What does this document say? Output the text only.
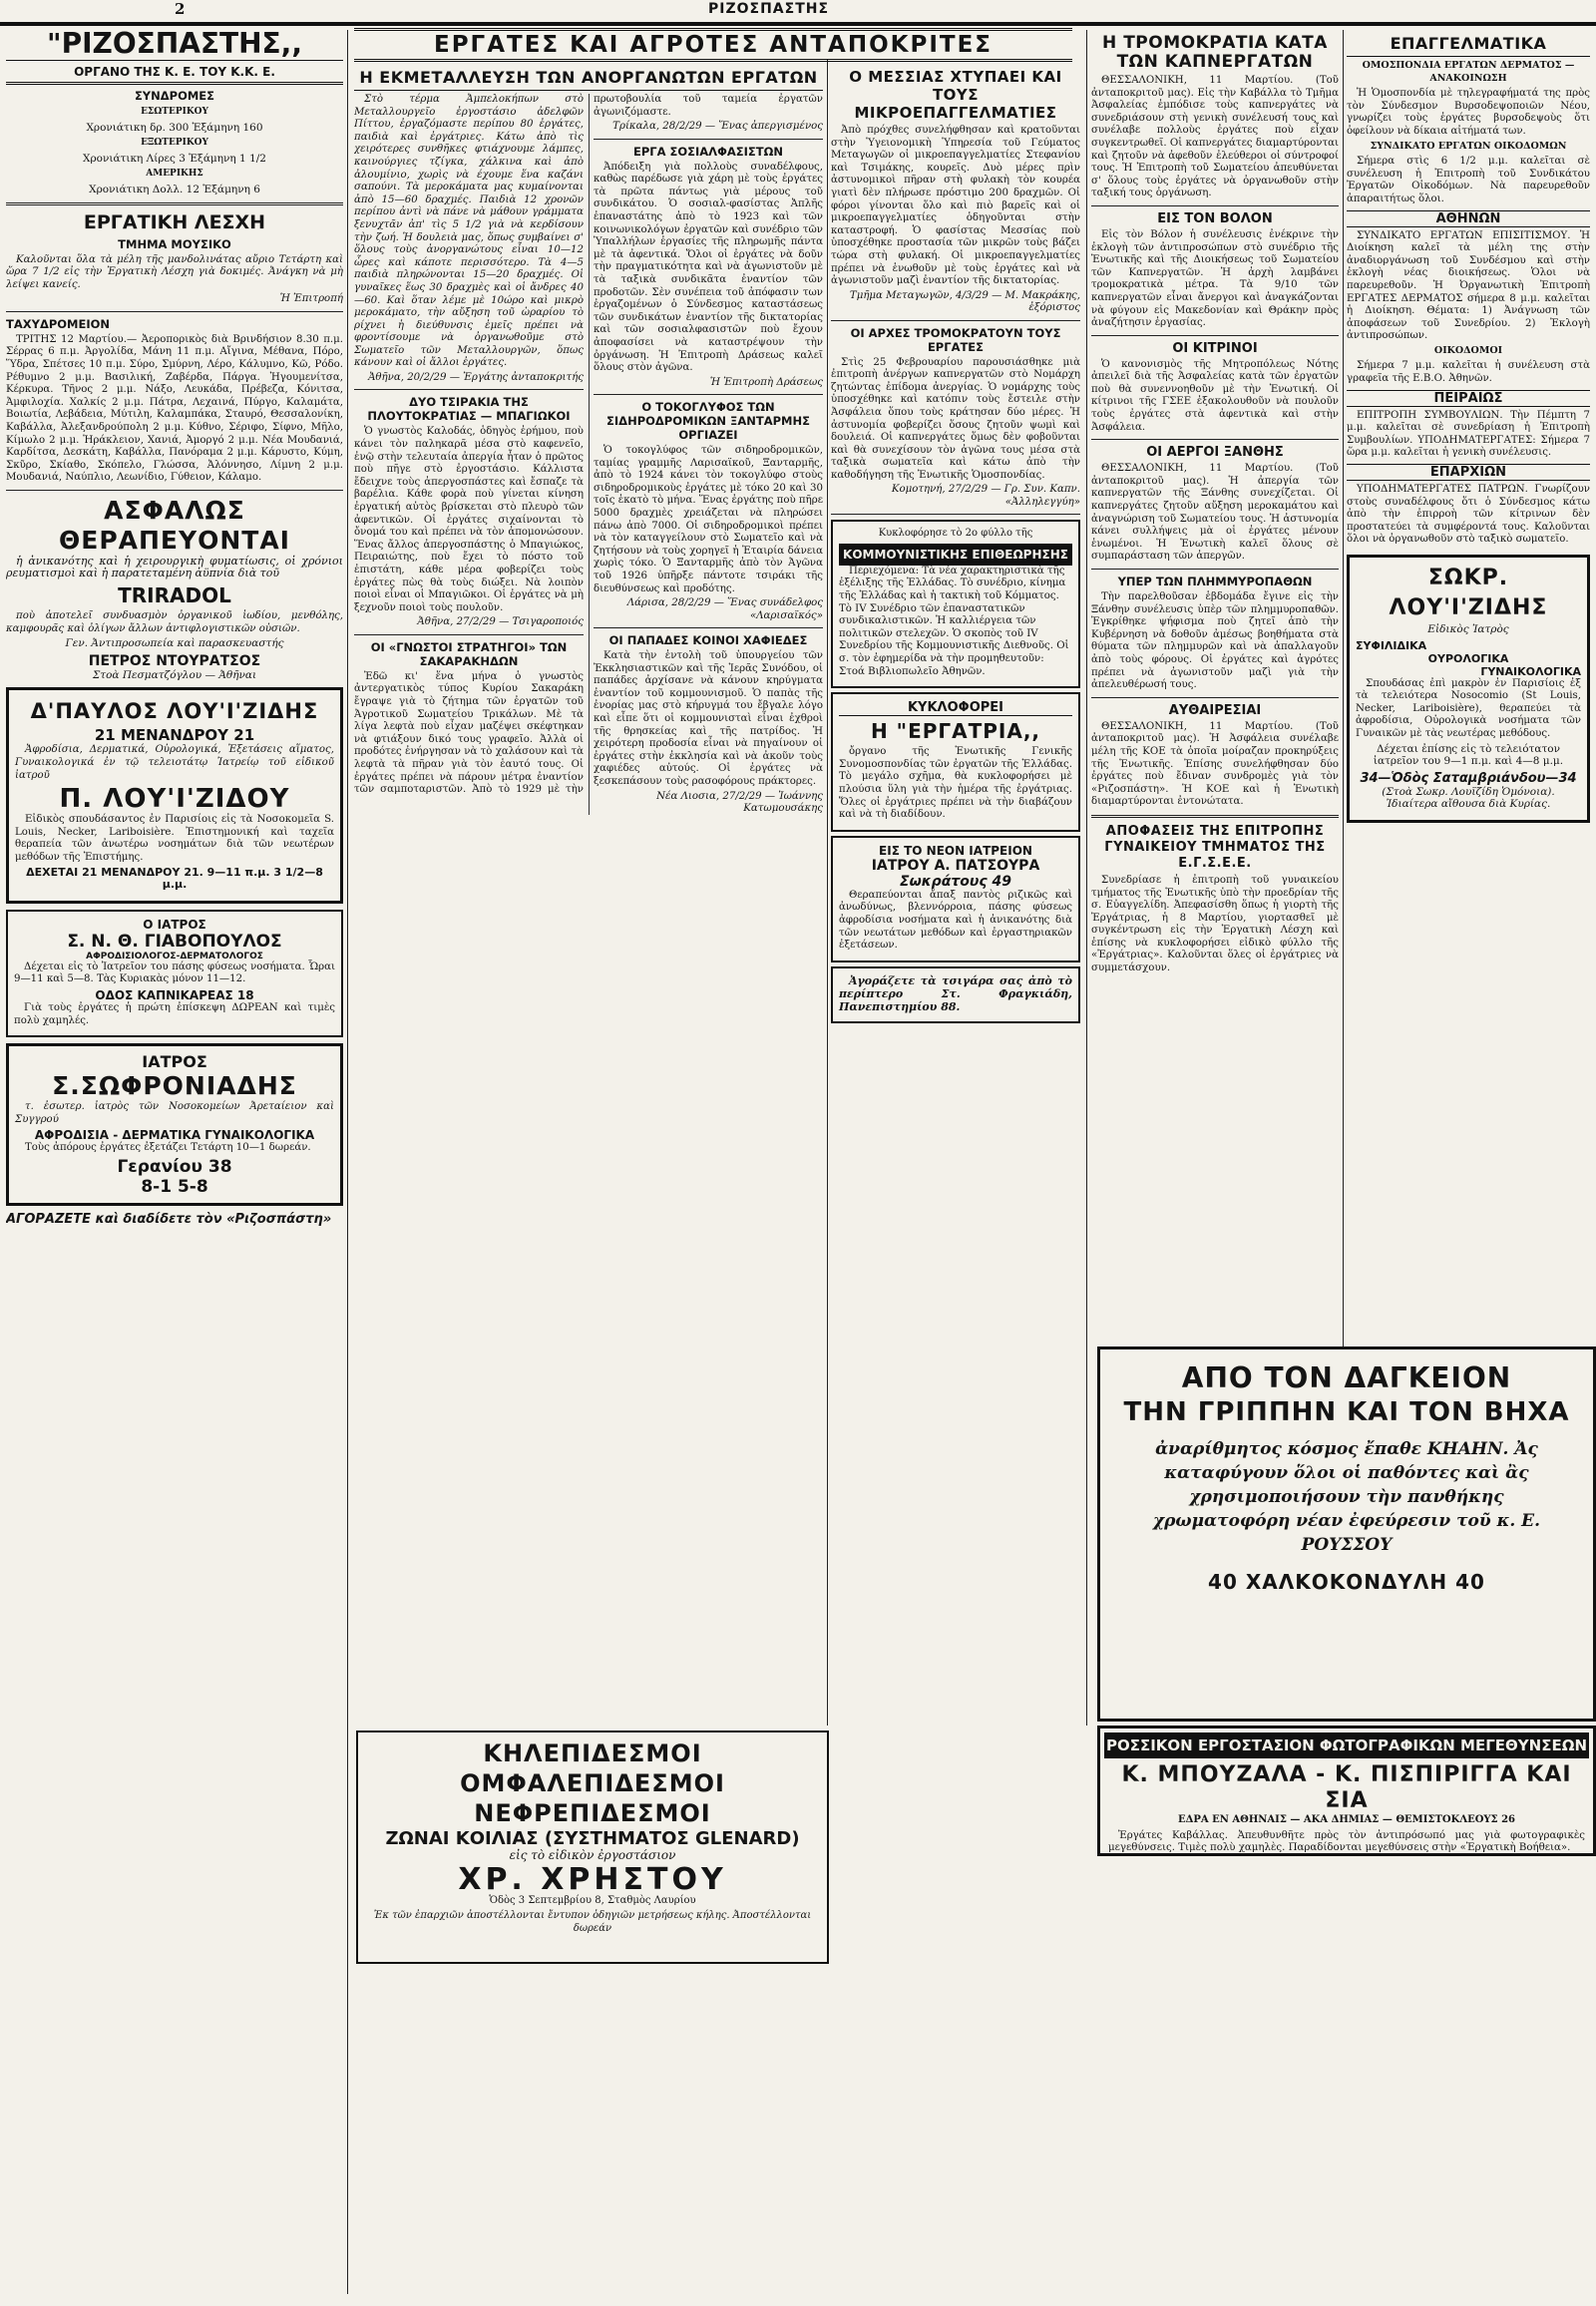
2	ΡΙΖΟΣΠΑΣΤΗΣ
ΕΡΓΑΤΕΣ ΚΑΙ ΑΓΡΟΤΕΣ ΑΝΤΑΠΟΚΡΙΤΕΣ
"ΡΙΖΟΣΠΑΣΤΗΣ,,
ΟΡΓΑΝΟ ΤΗΣ Κ. Ε. ΤΟΥ Κ.Κ. Ε.
ΣΥΝΔΡΟΜΕΣ

ΕΣΩΤΕΡΙΚΟΥ

Χρονιάτικη δρ. 300 Ἑξάμηνη 160

ΕΞΩΤΕΡΙΚΟΥ

Χρονιάτικη Λίρες 3 Ἑξάμηνη 1 1/2

ΑΜΕΡΙΚΗΣ

Χρονιάτικη Δολλ. 12 Ἑξάμηνη 6

ΕΡΓΑΤΙΚΗ ΛΕΣΧΗ
ΤΜΗΜΑ ΜΟΥΣΙΚΟ

Καλοῦνται ὅλα τὰ μέλη τῆς μανδολινάτας αὔριο Τετάρτη καὶ ὥρα 7 1/2 εἰς τὴν Ἐργατικὴ Λέσχη γιὰ δοκιμές. Ἀνάγκη νὰ μὴ λείψει κανείς.

Ἡ Ἐπιτροπή

ΤΑΧΥΔΡΟΜΕΙΟΝ

ΤΡΙΤΗΣ 12 Μαρτίου.— Ἀεροπορικὸς διὰ Βρινδήσιον 8.30 π.μ. Σέρρας 6 π.μ. Ἀργολίδα, Μάνη 11 π.μ. Αἴγινα, Μέθανα, Πόρο, Ὕδρα, Σπέτσες 10 π.μ. Σύρο, Σμύρνη, Λέρο, Κάλυμνο, Κῶ, Ρόδο. Ρέθυμνο 2 μ.μ. Βασιλική, Ζαβέρδα, Πάργα. Ἠγουμενίτσα, Κέρκυρα. Τῆνος 2 μ.μ. Νάξο, Λευκάδα, Πρέβεζα, Κόνιτσα, Ἀμφιλοχία. Χαλκίς 2 μ.μ. Πάτρα, Λεχαινά, Πύργο, Καλαμάτα, Βοιωτία, Λεβάδεια, Μύτιλη, Καλαμπάκα, Σταυρό, Θεσσαλονίκη, Καβάλλα, Ἀλεξανδρούπολη 2 μ.μ. Κύθνο, Σέριφο, Σίφνο, Μῆλο, Κίμωλο 2 μ.μ. Ἡράκλειον, Χανιά, Ἀμοργό 2 μ.μ. Νέα Μουδανιά, Καρδίτσα, Δεσκάτη, Καβάλλα, Πανόραμα 2 μ.μ. Κάρυστο, Κύμη, Σκῦρο, Σκίαθο, Σκόπελο, Γλώσσα, Ἀλόννησο, Λίμνη 2 μ.μ. Μουδανιά, Ναύπλιο, Λεωνίδιο, Γύθειον, Κάλαμο.

ΑΣΦΑΛΩΣ ΘΕΡΑΠΕΥΟΝΤΑΙ

ἡ ἀνικανότης καὶ ἡ χειρουργικὴ φυματίωσις, οἱ χρόνιοι ρευματισμοὶ καὶ ἡ παρατεταμένη ἀϋπνία διὰ τοῦ

TRIRADOL

ποὺ ἀποτελεῖ συνδυασμὸν ὀργανικοῦ ἰωδίου, μενθόλης, καμφουρᾶς καὶ ὀλίγων ἄλλων ἀντιφλογιστικῶν οὐσιῶν.

Γεν. Ἀντιπροσωπεία καὶ παρασκευαστής

ΠΕΤΡΟΣ ΝΤΟΥΡΑΤΣΟΣ

Στοὰ Πεσματζόγλου — Ἀθῆναι

Δ'ΠΑΥΛΟΣ ΛΟΥ'Ι'ΖΙΔΗΣ
21 ΜΕΝΑΝΔΡΟΥ 21

Ἀφροδίσια, Δερματικά, Οὐρολογικά, Ἐξετάσεις αἵματος, Γυναικολογικά ἐν τῷ τελειοτάτῳ Ἰατρείῳ τοῦ εἰδικοῦ ἰατροῦ

Π. ΛΟΥ'Ι'ΖΙΔΟΥ

Εἰδικὸς σπουδάσαντος ἐν Παρισίοις εἰς τὰ Νοσοκομεῖα S. Louis, Necker, Lariboisière. Ἐπιστημονική καὶ ταχεῖα θεραπεία τῶν ἀνωτέρω νοσημάτων διὰ τῶν νεωτέρων μεθόδων τῆς Ἐπιστήμης.

ΔΕΧΕΤΑΙ 21 ΜΕΝΑΝΔΡΟΥ 21. 9—11 π.μ. 3 1/2—8 μ.μ.

Ο ΙΑΤΡΟΣ
Σ. Ν. Θ. ΓΙΑΒΟΠΟΥΛΟΣ
ΑΦΡΟΔΙΣΙΟΛΟΓΟΣ-ΔΕΡΜΑΤΟΛΟΓΟΣ

Δέχεται εἰς τὸ Ἰατρεῖον του πάσης φύσεως νοσήματα. Ὧραι 9—11 καὶ 5—8. Τὰς Κυριακὰς μόνον 11—12.

ΟΔΟΣ ΚΑΠΝΙΚΑΡΕΑΣ 18

Γιὰ τοὺς ἐργάτες ἡ πρώτη ἐπίσκεψη ΔΩΡΕΑΝ καὶ τιμὲς πολὺ χαμηλές.

ΙΑΤΡΟΣ
Σ.ΣΩΦΡΟΝΙΑΔΗΣ

τ. ἐσωτερ. ἰατρὸς τῶν Νοσοκομείων Ἀρεταίειον καὶ Συγγρού

ΑΦΡΟΔΙΣΙΑ - ΔΕΡΜΑΤΙΚΑ ΓΥΝΑΙΚΟΛΟΓΙΚΑ

Τοὺς ἀπόρους ἐργάτες ἐξετάζει Τετάρτη 10—1 δωρεάν.

Γερανίου 38
8-1 5-8
ΑΓΟΡΑΖΕΤΕ καὶ διαδίδετε τὸν «Ριζοσπάστη»
Η ΕΚΜΕΤΑΛΛΕΥΣΗ ΤΩΝ ΑΝΟΡΓΑΝΩΤΩΝ ΕΡΓΑΤΩΝ

Στὸ τέρμα Ἀμπελοκήπων στὸ Μεταλλουργεῖο ἐργοστάσιο ἀδελφῶν Πίττου, ἐργαζόμαστε περίπου 80 ἐργάτες, παιδιὰ καὶ ἐργάτριες. Κάτω ἀπὸ τὶς χειρότερες συνθῆκες φτιάχνουμε λάμπες, καινούργιες τζίγκα, χάλκινα καὶ ἀπὸ ἀλουμίνιο, χωρὶς νὰ έχουμε ἕνα καζάνι σαπούνι. Τὰ μεροκάματα μας κυμαίνονται ἀπὸ 15—60 δραχμές. Παιδιὰ 12 χρονῶν περίπου ἀντὶ νὰ πάνε νὰ μάθουν γράμματα ξενυχτᾶν ἀπ' τὶς 5 1/2 γιὰ νὰ κερδίσουν τὴν ζωή. Ἡ δουλειὰ μας, ὅπως συμβαίνει σ' ὅλους τοὺς ἀνοργανώτους εἶναι 10—12 ὧρες καὶ κάποτε περισσότερο. Τὰ 4—5 παιδιὰ πληρώνονται 15—20 δραχμές. Οἱ γυναῖκες ἕως 30 δραχμὲς καὶ οἱ ἄνδρες 40—60. Καὶ ὅταν λέμε μὲ 10ώρο καὶ μικρὸ μεροκάματο, τὴν αὔξηση τοῦ ὡραρίου τὸ ρίχνει ἡ διεύθυνσις ἐμεῖς πρέπει νὰ φροντίσουμε νὰ ὀργανωθοῦμε στὸ Σωματεῖο τῶν Μεταλλουργῶν, ὅπως κάνουν καὶ οἱ ἄλλοι ἐργάτες.

Ἀθῆνα, 20/2/29 — Ἐργάτης ἀνταποκριτής

ΔΥΟ ΤΣΙΡΑΚΙΑ ΤΗΣ ΠΛΟΥΤΟΚΡΑΤΙΑΣ — ΜΠΑΓΙΩΚΟΙ

Ὁ γνωστὸς Καλοδάς, ὁδηγὸς ἐρήμου, ποὺ κάνει τὸν παληκαρᾶ μέσα στὸ καφενεῖο, ἐνῷ στὴν τελευταία ἀπεργία ἦταν ὁ πρῶτος ποὺ πῆγε στὸ ἐργοστάσιο. Κάλλιστα ἔδειχνε τοὺς ἀπεργοσπάστες καὶ ἔσπαζε τὰ βαρέλια. Κάθε φορὰ ποὺ γίνεται κίνηση ἐργατική αὐτὸς βρίσκεται στὸ πλευρὸ τῶν ἀφεντικῶν. Οἱ ἐργάτες σιχαίνονται τὸ ὄνομά του καὶ πρέπει νὰ τὸν ἀπομονώσουν. Ἕνας ἄλλος ἀπεργοσπάστης ὁ Μπαγιώκος, Πειραιώτης, ποὺ ἔχει τὸ πόστο τοῦ ἐπιστάτη, κάθε μέρα φοβερίζει τοὺς ἐργάτες πὼς θὰ τοὺς διώξει. Νὰ λοιπὸν ποιοὶ εἶναι οἱ Μπαγιῶκοι. Οἱ ἐργάτες νὰ μὴ ξεχνοῦν ποιοὶ τοὺς πουλοῦν.

Ἀθῆνα, 27/2/29 — Τσιγαροποιός

ΟΙ «ΓΝΩΣΤΟΙ ΣΤΡΑΤΗΓΟΙ» ΤΩΝ ΣΑΚΑΡΑΚΗΔΩΝ

Ἐδῶ κι' ἕνα μήνα ὁ γνωστὸς ἀντεργατικὸς τύπος Κυρίου Σακαράκη ἔγραψε γιὰ τὸ ζήτημα τῶν ἐργατῶν τοῦ Ἀγροτικοῦ Σωματείου Τρικάλων. Μὲ τὰ λίγα λεφτὰ ποὺ εἶχαν μαζέψει σκέφτηκαν νὰ φτιάξουν δικό τους γραφεῖο. Ἀλλὰ οἱ προδότες ἐνήργησαν νὰ τὸ χαλάσουν καὶ τὰ λεφτὰ τὰ πῆραν γιὰ τὸν ἑαυτό τους. Οἱ ἐργάτες πρέπει νὰ πάρουν μέτρα ἐναντίον τῶν σαμποταριστῶν. Ἀπὸ τὸ 1929 μὲ τὴν πρωτοβουλία τοῦ ταμεία ἐργατῶν ἀγωνιζόμαστε.

Τρίκαλα, 28/2/29 — Ἕνας ἀπεργισμένος

ΕΡΓΑ ΣΟΣΙΑΛΦΑΣΙΣΤΩΝ

Ἀπόδειξη γιὰ πολλοὺς συναδέλφους, καθὼς παρέδωσε γιὰ χάρη μὲ τοὺς ἐργάτες τὰ πρῶτα πάντως γιὰ μέρους τοῦ συνδικάτου. Ὁ σοσιαλ-φασίστας Ἀπλῆς ἐπαναστάτης ἀπὸ τὸ 1923 καὶ τῶν κοινωνικολόγων ἐργατῶν καὶ συνέδριο τῶν Ὑπαλλήλων ἐργασίες τῆς πληρωμῆς πάντα μὲ τὰ ἀφεντικά. Ὅλοι οἱ ἐργάτες νὰ δοῦν τὴν πραγματικότητα καὶ νὰ ἀγωνιστοῦν μὲ τὰ ταξικὰ συνδικᾶτα ἐναντίον τῶν προδοτῶν. Σὲν συνέπεια τοῦ ἀπόφασιν των ἐργαζομένων ὁ Σύνδεσμος καταστάσεως τῶν συνδικάτων ἐναντίον τῆς δικτατορίας καὶ τῶν σοσιαλφασιστῶν ποὺ ἔχουν ἀποφασίσει νὰ καταστρέψουν τὴν ὀργάνωση. Ἡ Ἐπιτροπὴ Δράσεως καλεῖ ὅλους στὸν ἀγῶνα.

Ἡ Ἐπιτροπὴ Δράσεως

Ο ΤΟΚΟΓΛΥΦΟΣ ΤΩΝ ΣΙΔΗΡΟΔΡΟΜΙΚΩΝ ΞΑΝΤΑΡΜΗΣ ΟΡΓΙΑΖΕΙ

Ὁ τοκογλύφος τῶν σιδηροδρομικῶν, ταμίας γραμμῆς Λαρισαϊκοῦ, Ξανταρμῆς, ἀπὸ τὸ 1924 κάνει τὸν τοκογλύφο στοὺς σιδηροδρομικοὺς ἐργάτες μὲ τόκο 20 καὶ 30 τοῖς ἑκατὸ τὸ μήνα. Ἕνας ἐργάτης ποὺ πῆρε 5000 δραχμὲς χρειάζεται νὰ πληρώσει πάνω ἀπὸ 7000. Οἱ σιδηροδρομικοὶ πρέπει νὰ τὸν καταγγείλουν στὸ Σωματεῖο καὶ νὰ ζητήσουν νὰ τοὺς χορηγεῖ ἡ Ἑταιρία δάνεια χωρὶς τόκο. Ὁ Ξανταρμῆς ἀπὸ τὸν Ἀγῶνα τοῦ 1926 ὑπῆρξε πάντοτε τσιράκι τῆς διευθύνσεως καὶ προδότης.

Λάρισα, 28/2/29 — Ἕνας συνάδελφος «Λαρισαϊκός»

ΟΙ ΠΑΠΑΔΕΣ ΚΟΙΝΟΙ ΧΑΦΙΕΔΕΣ

Κατὰ τὴν ἐντολὴ τοῦ ὑπουργείου τῶν Ἐκκλησιαστικῶν καὶ τῆς Ἱερᾶς Συνόδου, οἱ παπάδες ἀρχίσανε νὰ κάνουν κηρύγματα ἐναντίον τοῦ κομμουνισμοῦ. Ὁ παπὰς τῆς ἐνορίας μας στὸ κήρυγμά του ἔβγαλε λόγο καὶ εἶπε ὅτι οἱ κομμουνισταὶ εἶναι ἐχθροὶ τῆς θρησκείας καὶ τῆς πατρίδος. Ἡ χειρότερη προδοσία εἶναι νὰ πηγαίνουν οἱ ἐργάτες στὴν ἐκκλησία καὶ νὰ ἀκοῦν τοὺς χαφιέδες αὐτούς. Οἱ ἐργάτες νὰ ξεσκεπάσουν τοὺς ρασοφόρους πράκτορες.

Νέα Λιοσια, 27/2/29 — Ἰωάννης Κατωμουσάκης

Ο ΜΕΣΣΙΑΣ ΧΤΥΠΑΕΙ ΚΑΙ ΤΟΥΣ ΜΙΚΡΟΕΠΑΓΓΕΛΜΑΤΙΕΣ

Ἀπὸ πρόχθες συνελήφθησαν καὶ κρατοῦνται στὴν Ὑγειονομικὴ Ὑπηρεσία τοῦ Γεύματος Μεταγωγῶν οἱ μικροεπαγγελματίες Στεφανίου καὶ Τσιμάκης, κουρεῖς. Δυὸ μέρες πρὶν ἀστυνομικοὶ πῆραν στὴ φυλακὴ τὸν κουρέα γιατὶ δὲν πλήρωσε πρόστιμο 200 δραχμῶν. Οἱ φόροι γίνονται ὅλο καὶ πιὸ βαρεῖς καὶ οἱ μικροεπαγγελματίες ὁδηγοῦνται στὴν καταστροφή. Ὁ φασίστας Μεσσίας ποὺ ὑποσχέθηκε προστασία τῶν μικρῶν τοὺς βάζει τώρα στὴ φυλακή. Οἱ μικροεπαγγελματίες πρέπει νὰ ἑνωθοῦν μὲ τοὺς ἐργάτες καὶ νὰ ἀγωνιστοῦν μαζὶ ἐναντίον τῆς δικτατορίας.

Τμῆμα Μεταγωγῶν, 4/3/29 — Μ. Μακράκης, ἐξόριστος

ΟΙ ΑΡΧΕΣ ΤΡΟΜΟΚΡΑΤΟΥΝ ΤΟΥΣ ΕΡΓΑΤΕΣ

Στὶς 25 Φεβρουαρίου παρουσιάσθηκε μιὰ ἐπιτροπὴ ἀνέργων καπνεργατῶν στὸ Νομάρχη ζητώντας ἐπίδομα ἀνεργίας. Ὁ νομάρχης τοὺς ὑποσχέθηκε καὶ κατόπιν τοὺς ἔστειλε στὴν Ἀσφάλεια ὅπου τοὺς κράτησαν δύο μέρες. Ἡ ἀστυνομία φοβερίζει ὅσους ζητοῦν ψωμὶ καὶ δουλειά. Οἱ καπνεργάτες ὅμως δὲν φοβοῦνται καὶ θὰ συνεχίσουν τὸν ἀγῶνα τους μέσα στὰ ταξικὰ σωματεῖα καὶ κάτω ἀπὸ τὴν καθοδήγηση τῆς Ἐνωτικῆς Ὁμοσπονδίας.

Κομοτηνή, 27/2/29 — Γρ. Συν. Καπν. «Ἀλληλεγγύη»

Κυκλοφόρησε τὸ 2ο φύλλο τῆς

ΚΟΜΜΟΥΝΙΣΤΙΚΗΣ ΕΠΙΘΕΩΡΗΣΗΣ

Περιεχόμενα: Τὰ νέα χαρακτηριστικὰ τῆς ἐξέλιξης τῆς Ἑλλάδας. Τὸ συνέδριο, κίνημα τῆς Ἑλλάδας καὶ ἡ τακτικὴ τοῦ Κόμματος. Τὸ IV Συνέδριο τῶν ἐπαναστατικῶν συνδικαλιστικῶν. Ἡ καλλιέργεια τῶν πολιτικῶν στελεχῶν. Ὁ σκοπὸς τοῦ ΙV Συνεδρίου τῆς Κομμουνιστικῆς Διεθνοῦς. Οἱ σ. τὸν ἐφημερίδα νὰ τὴν προμηθευτοῦν: Στοά Βιβλιοπωλεῖο Ἀθηνῶν.

ΚΥΚΛΟΦΟΡΕΙ
Η "ΕΡΓΑΤΡΙΑ,,

ὄργανο τῆς Ἑνωτικῆς Γενικῆς Συνομοσπονδίας τῶν ἐργατῶν τῆς Ἑλλάδας. Τὸ μεγάλο σχῆμα, θὰ κυκλοφορήσει μὲ πλούσια ὕλη γιὰ τὴν ἡμέρα τῆς ἐργάτριας. Ὅλες οἱ ἐργάτριες πρέπει νὰ τὴν διαβάζουν καὶ νὰ τὴ διαδίδουν.

ΕΙΣ ΤΟ ΝΕΟΝ ΙΑΤΡΕΙΟΝ
ΙΑΤΡΟΥ Α. ΠΑΤΣΟΥΡΑ
Σωκράτους 49

Θεραπεύονται ἄπαξ παντὸς ριζικῶς καὶ ἀνωδύνως, βλεννόρροια, πάσης φύσεως ἀφροδίσια νοσήματα καὶ ἡ ἀνικανότης διὰ τῶν νεωτάτων μεθόδων καὶ ἐργαστηριακῶν ἐξετάσεων.

Ἀγοράζετε τὰ τσιγάρα σας ἀπὸ τὸ περίπτερο Στ. Φραγκιάδη, Πανεπιστημίου 88.

Η ΤΡΟΜΟΚΡΑΤΙΑ ΚΑΤΑ ΤΩΝ ΚΑΠΝΕΡΓΑΤΩΝ

ΘΕΣΣΑΛΟΝΙΚΗ, 11 Μαρτίου. (Τοῦ ἀνταποκριτοῦ μας). Εἰς τὴν Καβάλλα τὸ Τμῆμα Ἀσφαλείας ἐμπόδισε τοὺς καπνεργάτες νὰ συνεδριάσουν στὴ γενικὴ συνέλευσή τους καὶ συνέλαβε πολλοὺς ἐργάτες ποὺ εἶχαν συγκεντρωθεῖ. Οἱ καπνεργάτες διαμαρτύρονται καὶ ζητοῦν νὰ ἀφεθοῦν ἐλεύθεροι οἱ σύντροφοί τους. Ἡ Ἐπιτροπὴ τοῦ Σωματείου ἀπευθύνεται σ' ὅλους τοὺς ἐργάτες νὰ ὀργανωθοῦν στὴν ταξική τους ὀργάνωση.

ΕΙΣ ΤΟΝ ΒΟΛΟΝ

Εἰς τὸν Βόλον ἡ συνέλευσις ἐνέκρινε τὴν ἐκλογὴ τῶν ἀντιπροσώπων στὸ συνέδριο τῆς Ἑνωτικῆς καὶ τῆς Διοικήσεως τοῦ Σωματείου τῶν Καπνεργατῶν. Ἡ ἀρχὴ λαμβάνει τρομοκρατικὰ μέτρα. Τὰ 9/10 τῶν καπνεργατῶν εἶναι ἄνεργοι καὶ ἀναγκάζονται νὰ φύγουν εἰς Μακεδονίαν καὶ Θράκην πρὸς ἀναζήτησιν ἐργασίας.

ΟΙ ΚΙΤΡΙΝΟΙ

Ὁ κανονισμὸς τῆς Μητροπόλεως Νότης ἀπειλεῖ διὰ τῆς Ἀσφαλείας κατὰ τῶν ἐργατῶν ποὺ θὰ συνεννοηθοῦν μὲ τὴν Ἑνωτική. Οἱ κίτρινοι τῆς ΓΣΕΕ ἐξακολουθοῦν νὰ πουλοῦν τοὺς ἐργάτες στὰ ἀφεντικὰ καὶ στὴν Ἀσφάλεια.

ΟΙ ΑΕΡΓΟΙ ΞΑΝΘΗΣ

ΘΕΣΣΑΛΟΝΙΚΗ, 11 Μαρτίου. (Τοῦ ἀνταποκριτοῦ μας). Ἡ ἀπεργία τῶν καπνεργατῶν τῆς Ξάνθης συνεχίζεται. Οἱ καπνεργάτες ζητοῦν αὔξηση μεροκαμάτου καὶ ἀναγνώριση τοῦ Σωματείου τους. Ἡ ἀστυνομία κάνει συλλήψεις μὰ οἱ ἐργάτες μένουν ἑνωμένοι. Ἡ Ἑνωτικὴ καλεῖ ὅλους σὲ συμπαράσταση τῶν ἀπεργῶν.

ΥΠΕΡ ΤΩΝ ΠΛΗΜΜΥΡΟΠΑΘΩΝ

Τὴν παρελθοῦσαν ἑβδομάδα ἔγινε εἰς τὴν Ξάνθην συνέλευσις ὑπὲρ τῶν πλημμυροπαθῶν. Ἐγκρίθηκε ψήφισμα ποὺ ζητεῖ ἀπὸ τὴν Κυβέρνηση νὰ δοθοῦν ἀμέσως βοηθήματα στὰ θύματα τῶν πλημμυρῶν καὶ νὰ ἀπαλλαγοῦν ἀπὸ τοὺς φόρους. Οἱ ἐργάτες καὶ ἀγρότες πρέπει νὰ ἀγωνιστοῦν μαζὶ γιὰ τὴν ἀπελευθέρωσή τους.

ΑΥΘΑΙΡΕΣΙΑΙ

ΘΕΣΣΑΛΟΝΙΚΗ, 11 Μαρτίου. (Τοῦ ἀνταποκριτοῦ μας). Ἡ Ἀσφάλεια συνέλαβε μέλη τῆς ΚΟΕ τὰ ὁποῖα μοίραζαν προκηρύξεις τῆς Ἑνωτικῆς. Ἐπίσης συνελήφθησαν δύο ἐργάτες ποὺ ἔδιναν συνδρομὲς γιὰ τὸν «Ριζοσπάστη». Ἡ ΚΟΕ καὶ ἡ Ἑνωτικὴ διαμαρτύρονται ἐντονώτατα.

ΑΠΟΦΑΣΕΙΣ ΤΗΣ ΕΠΙΤΡΟΠΗΣ ΓΥΝΑΙΚΕΙΟΥ ΤΜΗΜΑΤΟΣ ΤΗΣ Ε.Γ.Σ.Ε.Ε.

Συνεδρίασε ἡ ἐπιτροπὴ τοῦ γυναικείου τμήματος τῆς Ἑνωτικῆς ὑπὸ τὴν προεδρίαν τῆς σ. Εὐαγγελίδη. Ἀπεφασίσθη ὅπως ἡ γιορτὴ τῆς Ἐργάτριας, ἡ 8 Μαρτίου, γιορτασθεῖ μὲ συγκέντρωση εἰς τὴν Ἐργατικὴ Λέσχη καὶ ἐπίσης νὰ κυκλοφορήσει εἰδικὸ φύλλο τῆς «Ἐργάτριας». Καλοῦνται ὅλες οἱ ἐργάτριες νὰ συμμετάσχουν.

ΕΠΑΓΓΕΛΜΑΤΙΚΑ

ΟΜΟΣΠΟΝΔΙΑ ΕΡΓΑΤΩΝ ΔΕΡΜΑΤΟΣ — ΑΝΑΚΟΙΝΩΣΗ

Ἡ Ὁμοσπονδία μὲ τηλεγραφήματά της πρὸς τὸν Σύνδεσμον Βυρσοδεψοποιῶν Νέου, γνωρίζει τοὺς ἐργάτες βυρσοδεψοὺς ὅτι ὀφείλουν νὰ δίκαια αἰτήματά των.

ΣΥΝΔΙΚΑΤΟ ΕΡΓΑΤΩΝ ΟΙΚΟΔΟΜΩΝ

Σήμερα στὶς 6 1/2 μ.μ. καλεῖται σὲ συνέλευση ἡ Ἐπιτροπὴ τοῦ Συνδικάτου Ἐργατῶν Οἰκοδόμων. Νὰ παρευρεθοῦν ἀπαραιτήτως ὅλοι.

ΑΘΗΝΩΝ

ΣΥΝΔΙΚΑΤΟ ΕΡΓΑΤΩΝ ΕΠΙΣΙΤΙΣΜΟΥ. Ἡ Διοίκηση καλεῖ τὰ μέλη της στὴν ἀναδιοργάνωση τοῦ Συνδέσμου καὶ στὴν ἐκλογὴ νέας διοικήσεως. Ὁλοι νὰ παρευρεθοῦν. Ἡ Ὀργανωτικὴ Ἐπιτροπὴ ΕΡΓΑΤΕΣ ΔΕΡΜΑΤΟΣ σήμερα 8 μ.μ. καλεῖται ἡ Διοίκηση. Θέματα: 1) Ἀνάγνωση τῶν ἀποφάσεων τοῦ Συνεδρίου. 2) Ἐκλογὴ ἀντιπροσώπων.

ΟΙΚΟΔΟΜΟΙ

Σήμερα 7 μ.μ. καλεῖται ἡ συνέλευση στὰ γραφεῖα τῆς Ε.Β.Ο. Ἀθηνῶν.

ΠΕΙΡΑΙΩΣ

ΕΠΙΤΡΟΠΗ ΣΥΜΒΟΥΛΙΩΝ. Τὴν Πέμπτη 7 μ.μ. καλεῖται σὲ συνεδρίαση ἡ Ἐπιτροπὴ Συμβουλίων. ΥΠΟΔΗΜΑΤΕΡΓΑΤΕΣ: Σήμερα 7 ὥρα μ.μ. καλεῖται ἡ γενικὴ συνέλευσις.

ΕΠΑΡΧΙΩΝ

ΥΠΟΔΗΜΑΤΕΡΓΑΤΕΣ ΠΑΤΡΩΝ. Γνωρίζουν στοὺς συναδέλφους ὅτι ὁ Σύνδεσμος κάτω ἀπὸ τὴν ἐπιρροὴ τῶν κίτρινων δὲν προστατεύει τὰ συμφέροντά τους. Καλοῦνται ὅλοι νὰ ὀργανωθοῦν στὸ ταξικὸ σωματεῖο.

ΣΩΚΡ. ΛΟΥ'Ι'ΖΙΔΗΣ

Εἰδικὸς Ἰατρὸς

ΣΥΦΙΛΙΔΙΚΑ
ΟΥΡΟΛΟΓΙΚΑ
ΓΥΝΑΙΚΟΛΟΓΙΚΑ

Σπουδάσας ἐπὶ μακρὸν ἐν Παρισίοις ἐξ τὰ τελειότερα Nosocomio (St Louis, Necker, Lariboisière), θεραπεύει τὰ ἀφροδίσια, Οὐρολογικὰ νοσήματα τῶν Γυναικῶν μὲ τὰς νεωτέρας μεθόδους.

Δέχεται ἐπίσης εἰς τὸ τελειότατον ἰατρεῖον του 9—1 π.μ. καὶ 4—8 μ.μ.

34—Ὁδὸς Σαταμβριάνδου—34

(Στοὰ Σωκρ. Λουϊζίδη Ὁμόνοια). Ἰδιαίτερα αἴθουσα διὰ Κυρίας.

ΑΠΟ ΤΟΝ ΔΑΓΚΕΙΟΝ
ΤΗΝ ΓΡΙΠΠΗΝ ΚΑΙ ΤΟΝ ΒΗΧΑ

ἀναρίθμητος κόσμος ἔπαθε ΚΗΑΗΝ. Ἀς καταφύγουν ὅλοι οἱ παθόντες καὶ ἂς χρησιμοποιήσουν τὴν πανθήκης χρωματοφόρη νέαν ἐφεύρεσιν τοῦ κ. Ε. ΡΟΥΣΣΟΥ

40 ΧΑΛΚΟΚΟΝΔΥΛΗ 40
ΡΟΣΣΙΚΟΝ ΕΡΓΟΣΤΑΣΙΟΝ ΦΩΤΟΓΡΑΦΙΚΩΝ ΜΕΓΕΘΥΝΣΕΩΝ
Κ. ΜΠΟΥΖΑΛΑ - Κ. ΠΙΣΠΙΡΙΓΓΑ ΚΑΙ ΣΙΑ

ΕΔΡΑ ΕΝ ΑΘΗΝΑΙΣ — ΑΚΑ ΔΗΜΙΑΣ — ΘΕΜΙΣΤΟΚΛΕΟΥΣ 26

Ἐργάτες Καβάλλας. Ἀπευθυνθῆτε πρὸς τὸν ἀντιπρόσωπό μας γιὰ φωτογραφικὲς μεγεθύνσεις. Τιμὲς πολὺ χαμηλὲς. Παραδίδονται μεγεθύνσεις στὴν «Ἐργατικὴ Βοήθεια».

ΚΗΛΕΠΙΔΕΣΜΟΙ
ΟΜΦΑΛΕΠΙΔΕΣΜΟΙ
ΝΕΦΡΕΠΙΔΕΣΜΟΙ
ΖΩΝΑΙ ΚΟΙΛΙΑΣ (ΣΥΣΤΗΜΑΤΟΣ GLENARD)

εἰς τὸ εἰδικὸν ἐργοστάσιον

ΧΡ. ΧΡΗΣΤΟΥ

Ὁδὸς 3 Σεπτεμβρίου 8, Σταθμὸς Λαυρίου

Ἐκ τῶν ἐπαρχιῶν ἀποστέλλονται ἔντυπον ὁδηγιῶν μετρήσεως κήλης. Ἀποστέλλονται δωρεάν
